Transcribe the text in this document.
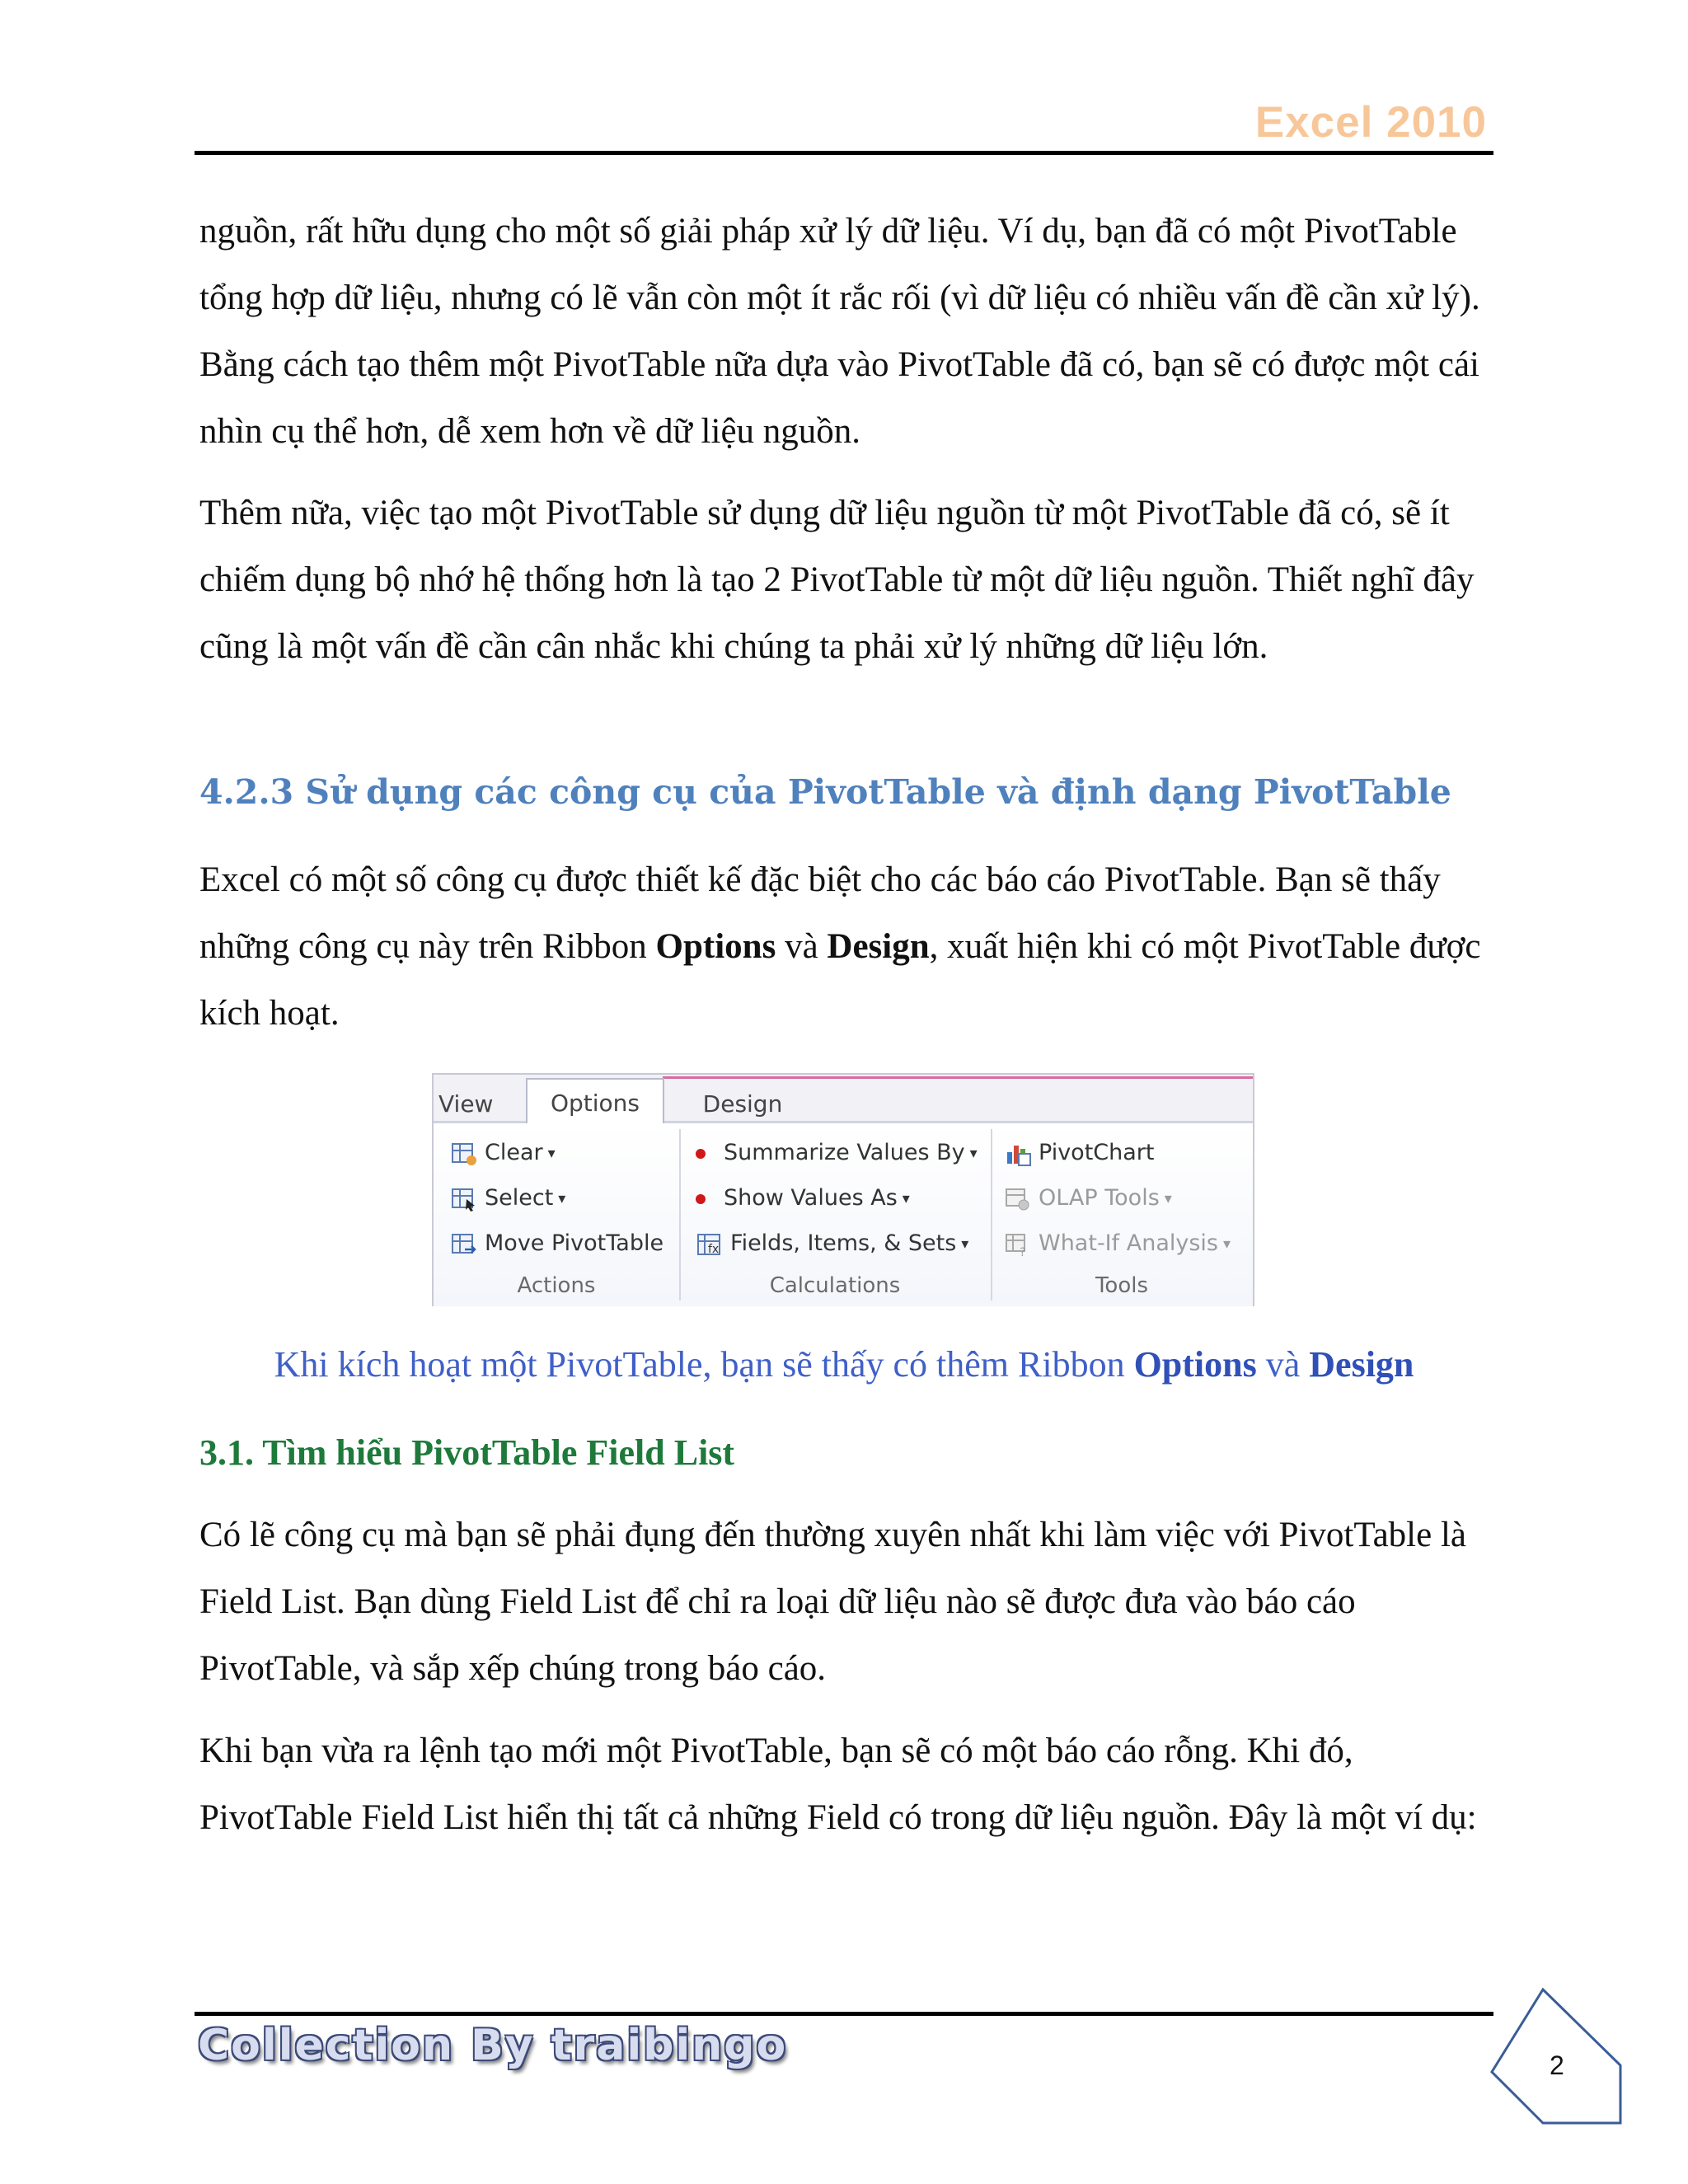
Excel 2010

nguồn, rất hữu dụng cho một số giải pháp xử lý dữ liệu. Ví dụ, bạn đã có một PivotTable tổng hợp dữ liệu, nhưng có lẽ vẫn còn một ít rắc rối (vì dữ liệu có nhiều vấn đề cần xử lý). Bằng cách tạo thêm một PivotTable nữa dựa vào PivotTable đã có, bạn sẽ có được một cái nhìn cụ thể hơn, dễ xem hơn về dữ liệu nguồn.

Thêm nữa, việc tạo một PivotTable sử dụng dữ liệu nguồn từ một PivotTable đã có, sẽ ít chiếm dụng bộ nhớ hệ thống hơn là tạo 2 PivotTable từ một dữ liệu nguồn. Thiết nghĩ đây cũng là một vấn đề cần cân nhắc khi chúng ta phải xử lý những dữ liệu lớn.

4.2.3 Sử dụng các công cụ của PivotTable và định dạng PivotTable

Excel có một số công cụ được thiết kế đặc biệt cho các báo cáo PivotTable. Bạn sẽ thấy những công cụ này trên Ribbon Options và Design, xuất hiện khi có một PivotTable được kích hoạt.

View	Options	Design
Clear ▾
Select ▾
Move PivotTable
Actions
Summarize Values By ▾
Show Values As ▾
fx Fields, Items, & Sets ▾
Calculations
PivotChart
OLAP Tools ▾
? What-If Analysis ▾
Tools
Khi kích hoạt một PivotTable, bạn sẽ thấy có thêm Ribbon Options và Design
3.1. Tìm hiểu PivotTable Field List

Có lẽ công cụ mà bạn sẽ phải đụng đến thường xuyên nhất khi làm việc với PivotTable là Field List. Bạn dùng Field List để chỉ ra loại dữ liệu nào sẽ được đưa vào báo cáo PivotTable, và sắp xếp chúng trong báo cáo.

Khi bạn vừa ra lệnh tạo mới một PivotTable, bạn sẽ có một báo cáo rỗng. Khi đó, PivotTable Field List hiển thị tất cả những Field có trong dữ liệu nguồn. Đây là một ví dụ:

Collection By traibingo	2
